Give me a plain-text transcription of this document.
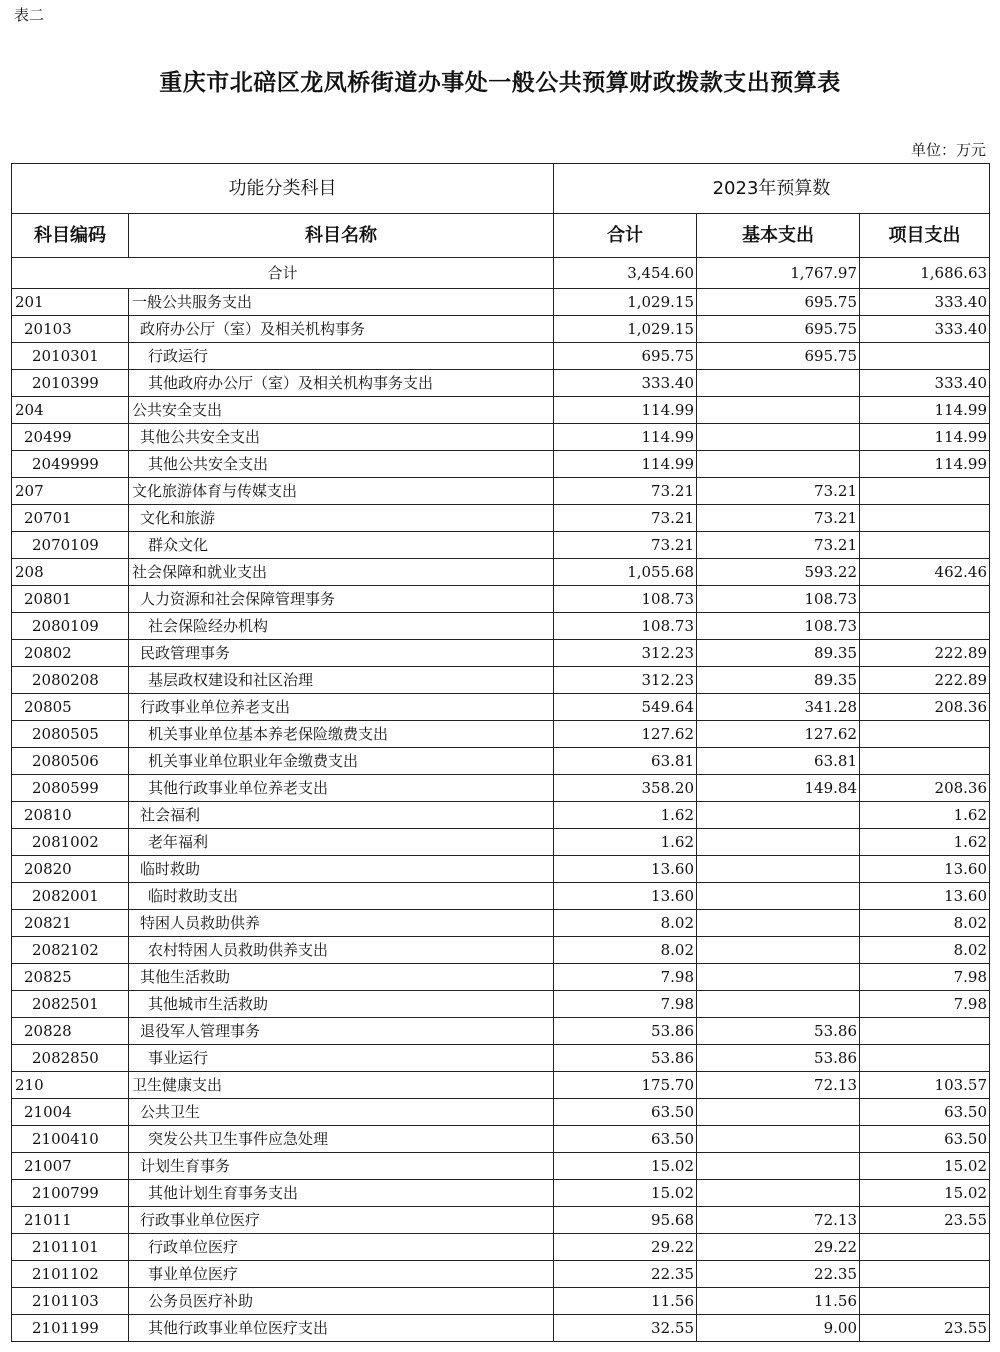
表二
重庆市北碚区龙凤桥街道办事处一般公共预算财政拨款支出预算表
单位：万元
功能分类科目		2023年预算数		
科目编码	科目名称	合计	基本支出	项目支出
合计		3,454.60	1,767.97	1,686.63
201	一般公共服务支出	1,029.15	695.75	333.40
20103	政府办公厅（室）及相关机构事务	1,029.15	695.75	333.40
2010301	行政运行	695.75	695.75	
2010399	其他政府办公厅（室）及相关机构事务支出	333.40		333.40
204	公共安全支出	114.99		114.99
20499	其他公共安全支出	114.99		114.99
2049999	其他公共安全支出	114.99		114.99
207	文化旅游体育与传媒支出	73.21	73.21	
20701	文化和旅游	73.21	73.21	
2070109	群众文化	73.21	73.21	
208	社会保障和就业支出	1,055.68	593.22	462.46
20801	人力资源和社会保障管理事务	108.73	108.73	
2080109	社会保险经办机构	108.73	108.73	
20802	民政管理事务	312.23	89.35	222.89
2080208	基层政权建设和社区治理	312.23	89.35	222.89
20805	行政事业单位养老支出	549.64	341.28	208.36
2080505	机关事业单位基本养老保险缴费支出	127.62	127.62	
2080506	机关事业单位职业年金缴费支出	63.81	63.81	
2080599	其他行政事业单位养老支出	358.20	149.84	208.36
20810	社会福利	1.62		1.62
2081002	老年福利	1.62		1.62
20820	临时救助	13.60		13.60
2082001	临时救助支出	13.60		13.60
20821	特困人员救助供养	8.02		8.02
2082102	农村特困人员救助供养支出	8.02		8.02
20825	其他生活救助	7.98		7.98
2082501	其他城市生活救助	7.98		7.98
20828	退役军人管理事务	53.86	53.86	
2082850	事业运行	53.86	53.86	
210	卫生健康支出	175.70	72.13	103.57
21004	公共卫生	63.50		63.50
2100410	突发公共卫生事件应急处理	63.50		63.50
21007	计划生育事务	15.02		15.02
2100799	其他计划生育事务支出	15.02		15.02
21011	行政事业单位医疗	95.68	72.13	23.55
2101101	行政单位医疗	29.22	29.22	
2101102	事业单位医疗	22.35	22.35	
2101103	公务员医疗补助	11.56	11.56	
2101199	其他行政事业单位医疗支出	32.55	9.00	23.55
